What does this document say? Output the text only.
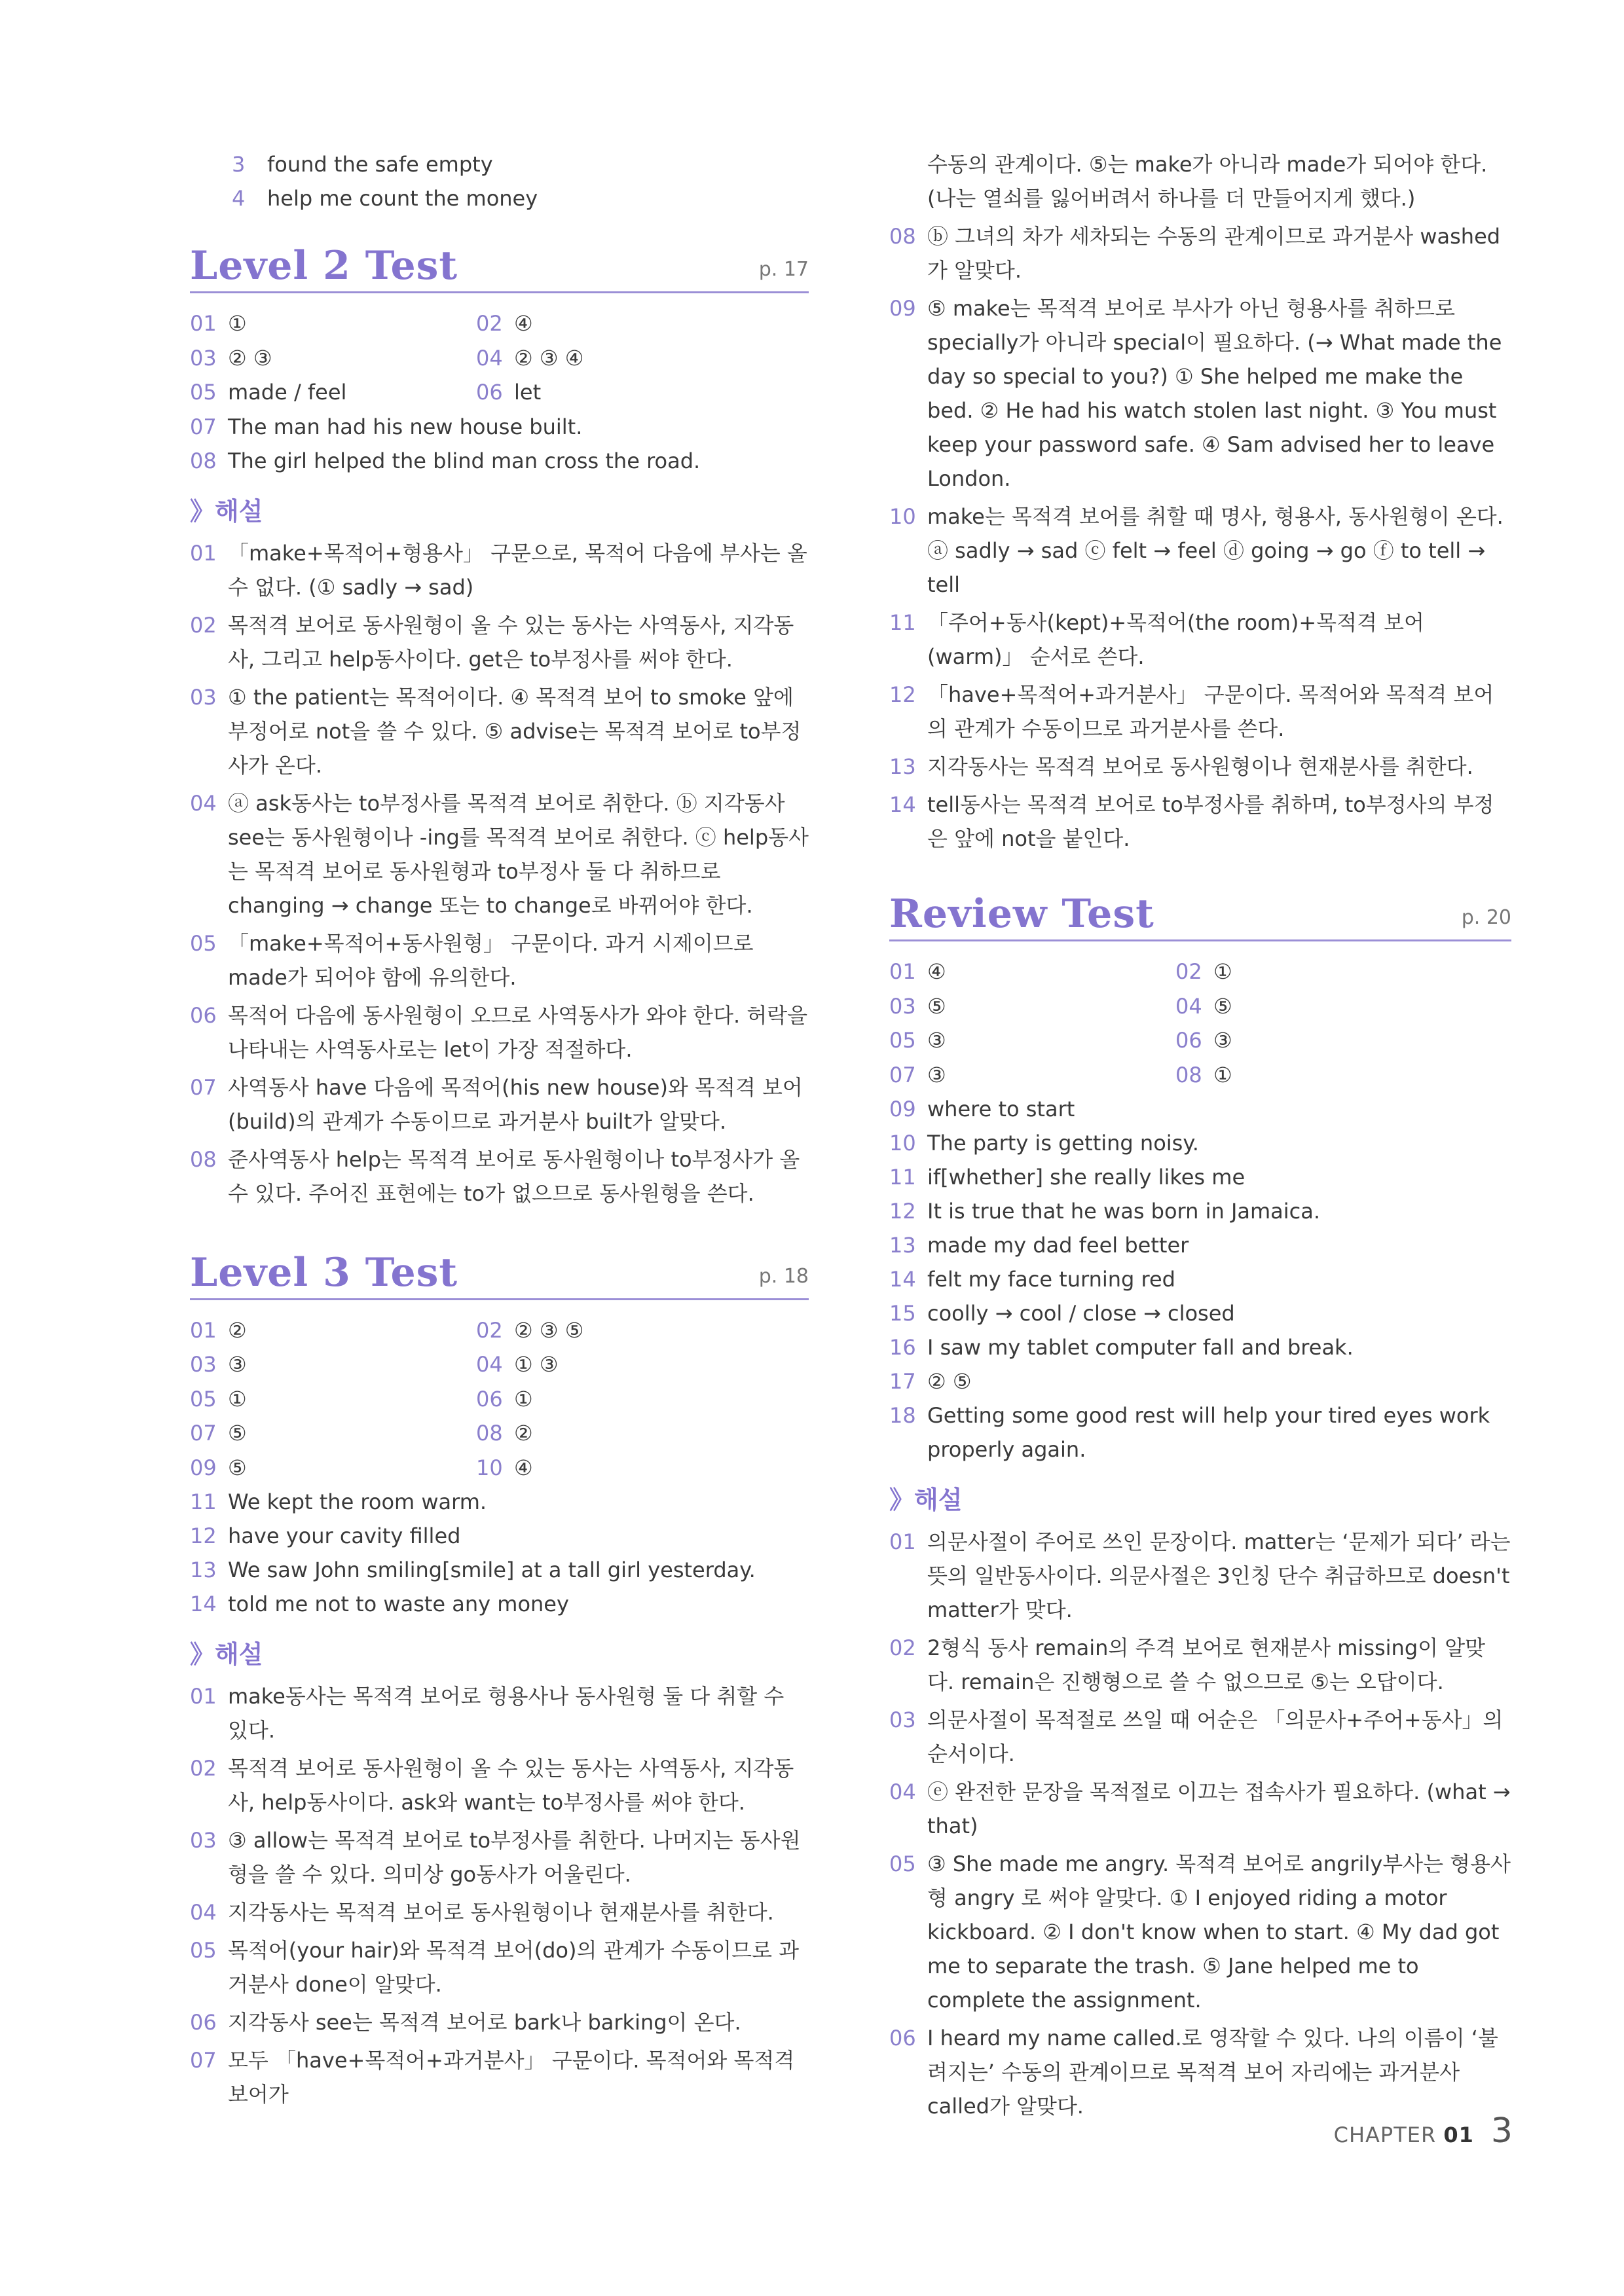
3	found the safe empty
4	help me count the money
Level 2 Test	p. 17
01 ①	02 ④
03 ② ③	04 ② ③ ④
05 made / feel	06 let
07 The man had his new house built.
08 The girl helped the blind man cross the road.
》해설
01 「make+목적어+형용사」 구문으로, 목적어 다음에 부사는 올 수 없다. (① sadly → sad)
02 목적격 보어로 동사원형이 올 수 있는 동사는 사역동사, 지각동사, 그리고 help동사이다. get은 to부정사를 써야 한다.
03 ① the patient는 목적어이다. ④ 목적격 보어 to smoke 앞에 부정어로 not을 쓸 수 있다. ⑤ advise는 목적격 보어로 to부정사가 온다.
04 ⓐ ask동사는 to부정사를 목적격 보어로 취한다. ⓑ 지각동사 see는 동사원형이나 -ing를 목적격 보어로 취한다. ⓒ help동사는 목적격 보어로 동사원형과 to부정사 둘 다 취하므로 changing → change 또는 to change로 바뀌어야 한다.
05 「make+목적어+동사원형」 구문이다. 과거 시제이므로 made가 되어야 함에 유의한다.
06 목적어 다음에 동사원형이 오므로 사역동사가 와야 한다. 허락을 나타내는 사역동사로는 let이 가장 적절하다.
07 사역동사 have 다음에 목적어(his new house)와 목적격 보어(build)의 관계가 수동이므로 과거분사 built가 알맞다.
08 준사역동사 help는 목적격 보어로 동사원형이나 to부정사가 올 수 있다. 주어진 표현에는 to가 없으므로 동사원형을 쓴다.
Level 3 Test	p. 18
01 ②	02 ② ③ ⑤
03 ③	04 ① ③
05 ①	06 ①
07 ⑤	08 ②
09 ⑤	10 ④
11 We kept the room warm.
12 have your cavity filled
13 We saw John smiling[smile] at a tall girl yesterday.
14 told me not to waste any money
》해설
01 make동사는 목적격 보어로 형용사나 동사원형 둘 다 취할 수 있다.
02 목적격 보어로 동사원형이 올 수 있는 동사는 사역동사, 지각동사, help동사이다. ask와 want는 to부정사를 써야 한다.
03 ③ allow는 목적격 보어로 to부정사를 취한다. 나머지는 동사원형을 쓸 수 있다. 의미상 go동사가 어울린다.
04 지각동사는 목적격 보어로 동사원형이나 현재분사를 취한다.
05 목적어(your hair)와 목적격 보어(do)의 관계가 수동이므로 과거분사 done이 알맞다.
06 지각동사 see는 목적격 보어로 bark나 barking이 온다.
07 모두 「have+목적어+과거분사」 구문이다. 목적어와 목적격 보어가
수동의 관계이다. ⑤는 make가 아니라 made가 되어야 한다. (나는 열쇠를 잃어버려서 하나를 더 만들어지게 했다.)
08 ⓑ 그녀의 차가 세차되는 수동의 관계이므로 과거분사 washed가 알맞다.
09 ⑤ make는 목적격 보어로 부사가 아닌 형용사를 취하므로 specially가 아니라 special이 필요하다. (→ What made the day so special to you?) ① She helped me make the bed. ② He had his watch stolen last night. ③ You must keep your password safe. ④ Sam advised her to leave London.
10 make는 목적격 보어를 취할 때 명사, 형용사, 동사원형이 온다. ⓐ sadly → sad ⓒ felt → feel ⓓ going → go ⓕ to tell → tell
11 「주어+동사(kept)+목적어(the room)+목적격 보어(warm)」 순서로 쓴다.
12 「have+목적어+과거분사」 구문이다. 목적어와 목적격 보어의 관계가 수동이므로 과거분사를 쓴다.
13 지각동사는 목적격 보어로 동사원형이나 현재분사를 취한다.
14 tell동사는 목적격 보어로 to부정사를 취하며, to부정사의 부정은 앞에 not을 붙인다.
Review Test	p. 20
01 ④	02 ①
03 ⑤	04 ⑤
05 ③	06 ③
07 ③	08 ①
09 where to start
10 The party is getting noisy.
11 if[whether] she really likes me
12 It is true that he was born in Jamaica.
13 made my dad feel better
14 felt my face turning red
15 coolly → cool / close → closed
16 I saw my tablet computer fall and break.
17 ② ⑤
18 Getting some good rest will help your tired eyes work properly again.
》해설
01 의문사절이 주어로 쓰인 문장이다. matter는 ‘문제가 되다’ 라는 뜻의 일반동사이다. 의문사절은 3인칭 단수 취급하므로 doesn't matter가 맞다.
02 2형식 동사 remain의 주격 보어로 현재분사 missing이 알맞다. remain은 진행형으로 쓸 수 없으므로 ⑤는 오답이다.
03 의문사절이 목적절로 쓰일 때 어순은 「의문사+주어+동사」의 순서이다.
04 ⓔ 완전한 문장을 목적절로 이끄는 접속사가 필요하다. (what → that)
05 ③ She made me angry. 목적격 보어로 angrily부사는 형용사형 angry 로 써야 알맞다. ① I enjoyed riding a motor kickboard. ② I don't know when to start. ④ My dad got me to separate the trash. ⑤ Jane helped me to complete the assignment.
06 I heard my name called.로 영작할 수 있다. 나의 이름이 ‘불려지는’ 수동의 관계이므로 목적격 보어 자리에는 과거분사 called가 알맞다.
CHAPTER 01 3
